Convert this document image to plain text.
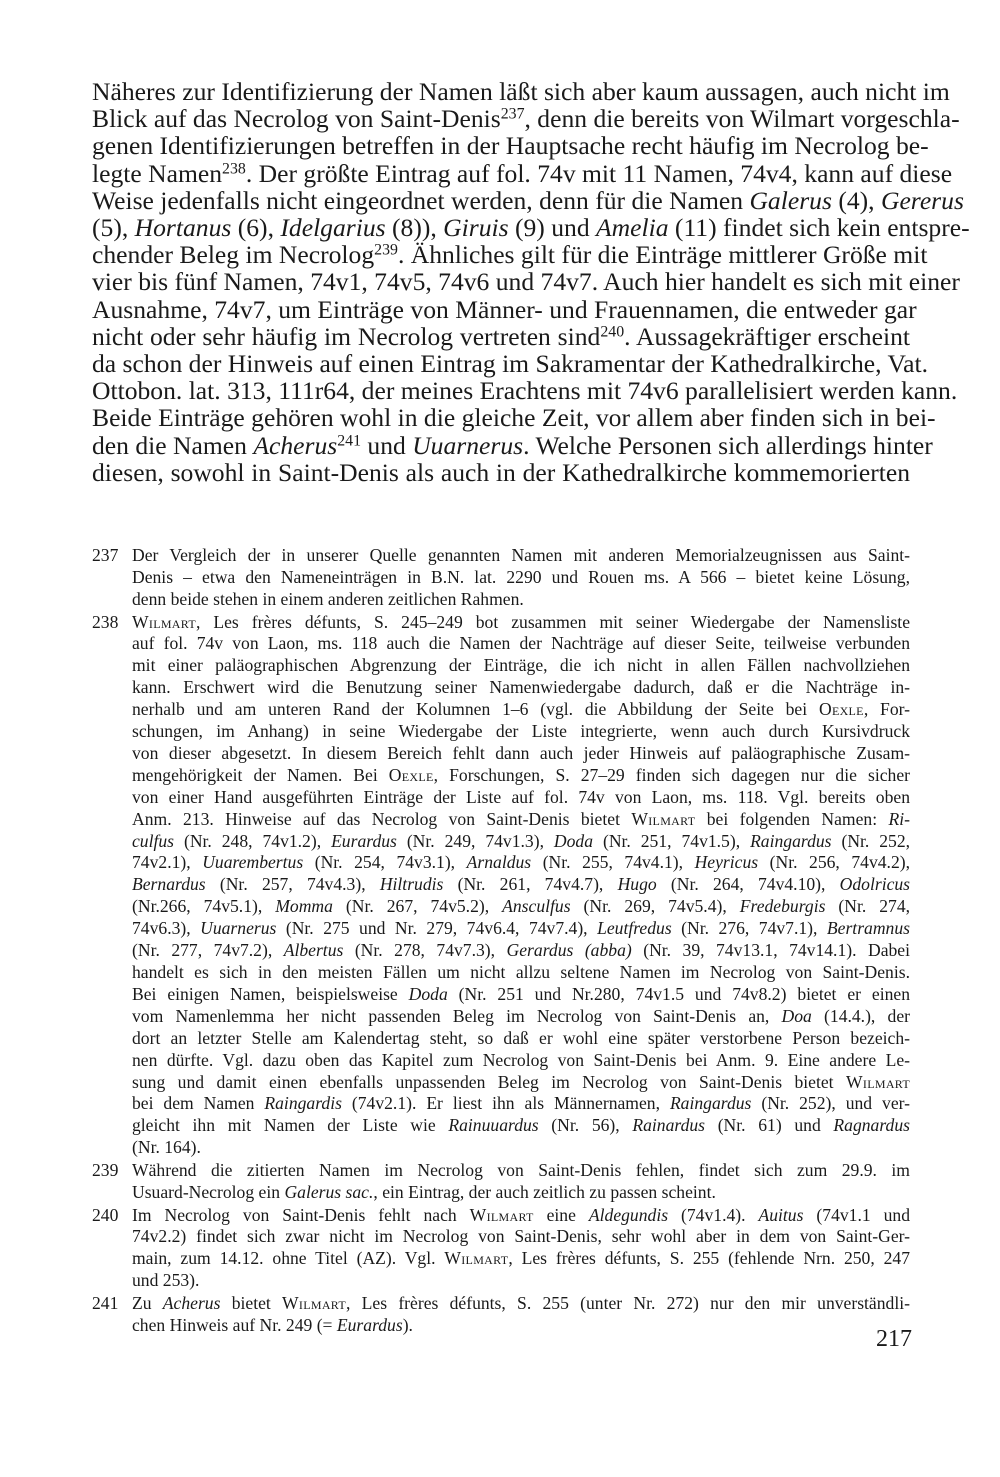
Näheres zur Identifizierung der Namen läßt sich aber kaum aussagen, auch nicht im
Blick auf das Necrolog von Saint-Denis$^{237}$, denn die bereits von Wilmart vorgeschla-
genen Identifizierungen betreffen in der Hauptsache recht häufig im Necrolog be-
legte Namen$^{238}$. Der größte Eintrag auf fol. 74v mit 11 Namen, 74v4, kann auf diese
Weise jedenfalls nicht eingeordnet werden, denn für die Namen Galerus (4), Gererus
(5), Hortanus (6), Idelgarius (8)), Giruis (9) und Amelia (11) findet sich kein entspre-
chender Beleg im Necrolog$^{239}$. Ähnliches gilt für die Einträge mittlerer Größe mit
vier bis fünf Namen, 74v1, 74v5, 74v6 und 74v7. Auch hier handelt es sich mit einer
Ausnahme, 74v7, um Einträge von Männer- und Frauennamen, die entweder gar
nicht oder sehr häufig im Necrolog vertreten sind$^{240}$. Aussagekräftiger erscheint
da schon der Hinweis auf einen Eintrag im Sakramentar der Kathedralkirche, Vat.
Ottobon. lat. 313, 111r64, der meines Erachtens mit 74v6 parallelisiert werden kann.
Beide Einträge gehören wohl in die gleiche Zeit, vor allem aber finden sich in bei-
den die Namen Acherus$^{241}$ und Uuarnerus. Welche Personen sich allerdings hinter
diesen, sowohl in Saint-Denis als auch in der Kathedralkirche kommemorierten
237 Der Vergleich der in unserer Quelle genannten Namen mit anderen Memorialzeugnissen aus Saint-
Denis – etwa den Nameneinträgen in B.N. lat. 2290 und Rouen ms. A 566 – bietet keine Lösung,
denn beide stehen in einem anderen zeitlichen Rahmen.
238 Wilmart, Les frères défunts, S. 245–249 bot zusammen mit seiner Wiedergabe der Namensliste
auf fol. 74v von Laon, ms. 118 auch die Namen der Nachträge auf dieser Seite, teilweise verbunden
mit einer paläographischen Abgrenzung der Einträge, die ich nicht in allen Fällen nachvollziehen
kann. Erschwert wird die Benutzung seiner Namenwiedergabe dadurch, daß er die Nachträge in-
nerhalb und am unteren Rand der Kolumnen 1–6 (vgl. die Abbildung der Seite bei Oexle, For-
schungen, im Anhang) in seine Wiedergabe der Liste integrierte, wenn auch durch Kursivdruck
von dieser abgesetzt. In diesem Bereich fehlt dann auch jeder Hinweis auf paläographische Zusam-
mengehörigkeit der Namen. Bei Oexle, Forschungen, S. 27–29 finden sich dagegen nur die sicher
von einer Hand ausgeführten Einträge der Liste auf fol. 74v von Laon, ms. 118. Vgl. bereits oben
Anm. 213. Hinweise auf das Necrolog von Saint-Denis bietet Wilmart bei folgenden Namen: Ri-
culfus (Nr. 248, 74v1.2), Eurardus (Nr. 249, 74v1.3), Doda (Nr. 251, 74v1.5), Raingardus (Nr. 252,
74v2.1), Uuarembertus (Nr. 254, 74v3.1), Arnaldus (Nr. 255, 74v4.1), Heyricus (Nr. 256, 74v4.2),
Bernardus (Nr. 257, 74v4.3), Hiltrudis (Nr. 261, 74v4.7), Hugo (Nr. 264, 74v4.10), Odolricus
(Nr.266, 74v5.1), Momma (Nr. 267, 74v5.2), Ansculfus (Nr. 269, 74v5.4), Fredeburgis (Nr. 274,
74v6.3), Uuarnerus (Nr. 275 und Nr. 279, 74v6.4, 74v7.4), Leutfredus (Nr. 276, 74v7.1), Bertramnus
(Nr. 277, 74v7.2), Albertus (Nr. 278, 74v7.3), Gerardus (abba) (Nr. 39, 74v13.1, 74v14.1). Dabei
handelt es sich in den meisten Fällen um nicht allzu seltene Namen im Necrolog von Saint-Denis.
Bei einigen Namen, beispielsweise Doda (Nr. 251 und Nr.280, 74v1.5 und 74v8.2) bietet er einen
vom Namenlemma her nicht passenden Beleg im Necrolog von Saint-Denis an, Doa (14.4.), der
dort an letzter Stelle am Kalendertag steht, so daß er wohl eine später verstorbene Person bezeich-
nen dürfte. Vgl. dazu oben das Kapitel zum Necrolog von Saint-Denis bei Anm. 9. Eine andere Le-
sung und damit einen ebenfalls unpassenden Beleg im Necrolog von Saint-Denis bietet Wilmart
bei dem Namen Raingardis (74v2.1). Er liest ihn als Männernamen, Raingardus (Nr. 252), und ver-
gleicht ihn mit Namen der Liste wie Rainuuardus (Nr. 56), Rainardus (Nr. 61) und Ragnardus
(Nr. 164).
239 Während die zitierten Namen im Necrolog von Saint-Denis fehlen, findet sich zum 29.9. im
Usuard-Necrolog ein Galerus sac., ein Eintrag, der auch zeitlich zu passen scheint.
240 Im Necrolog von Saint-Denis fehlt nach Wilmart eine Aldegundis (74v1.4). Auitus (74v1.1 und
74v2.2) findet sich zwar nicht im Necrolog von Saint-Denis, sehr wohl aber in dem von Saint-Ger-
main, zum 14.12. ohne Titel (AZ). Vgl. Wilmart, Les frères défunts, S. 255 (fehlende Nrn. 250, 247
und 253).
241 Zu Acherus bietet Wilmart, Les frères défunts, S. 255 (unter Nr. 272) nur den mir unverständli-
chen Hinweis auf Nr. 249 (= Eurardus).
217
